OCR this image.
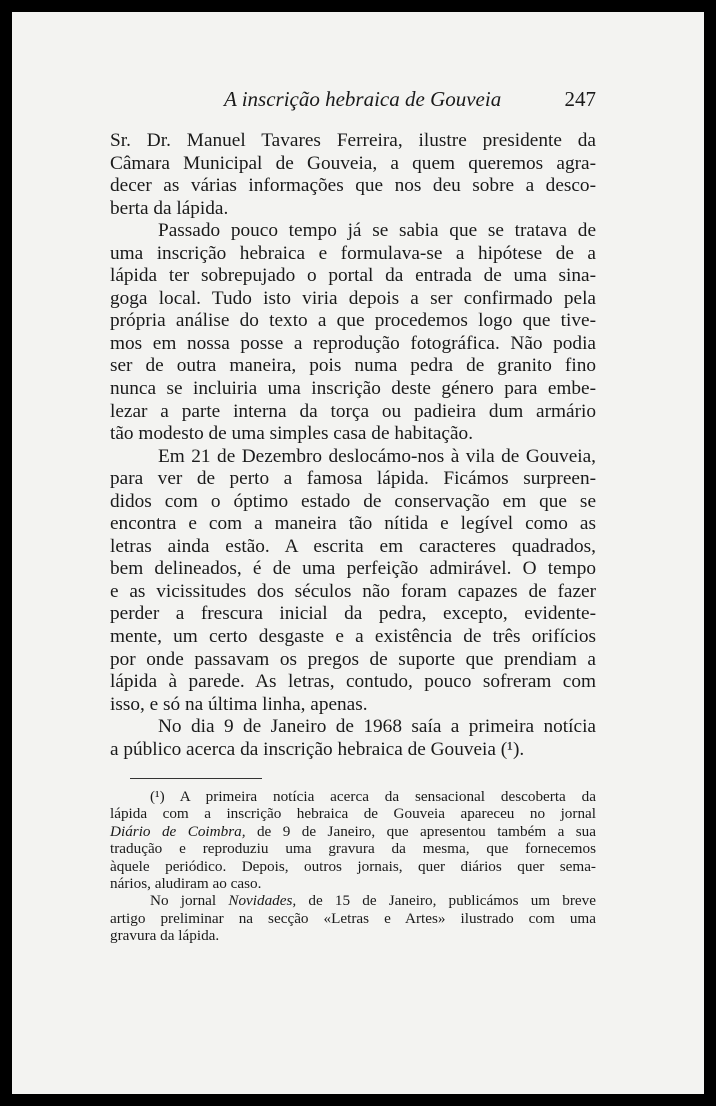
A inscrição hebraica de Gouveia	247

Sr. Dr. Manuel Tavares Ferreira, ilustre presidente da
Câmara Municipal de Gouveia, a quem queremos agra-
decer as várias informações que nos deu sobre a desco-
berta da lápida.

Passado pouco tempo já se sabia que se tratava de
uma inscrição hebraica e formulava-se a hipótese de a
lápida ter sobrepujado o portal da entrada de uma sina-
goga local. Tudo isto viria depois a ser confirmado pela
própria análise do texto a que procedemos logo que tive-
mos em nossa posse a reprodução fotográfica. Não podia
ser de outra maneira, pois numa pedra de granito fino
nunca se incluiria uma inscrição deste género para embe-
lezar a parte interna da torça ou padieira dum armário
tão modesto de uma simples casa de habitação.

Em 21 de Dezembro deslocámo-nos à vila de Gouveia,
para ver de perto a famosa lápida. Ficámos surpreen-
didos com o óptimo estado de conservação em que se
encontra e com a maneira tão nítida e legível como as
letras ainda estão. A escrita em caracteres quadrados,
bem delineados, é de uma perfeição admirável. O tempo
e as vicissitudes dos séculos não foram capazes de fazer
perder a frescura inicial da pedra, excepto, evidente-
mente, um certo desgaste e a existência de três orifícios
por onde passavam os pregos de suporte que prendiam a
lápida à parede. As letras, contudo, pouco sofreram com
isso, e só na última linha, apenas.

No dia 9 de Janeiro de 1968 saía a primeira notícia
a público acerca da inscrição hebraica de Gouveia (¹).

(¹) A primeira notícia acerca da sensacional descoberta da
lápida com a inscrição hebraica de Gouveia apareceu no jornal
Diário de Coimbra, de 9 de Janeiro, que apresentou também a sua
tradução e reproduziu uma gravura da mesma, que fornecemos
àquele periódico. Depois, outros jornais, quer diários quer sema-
nários, aludiram ao caso.
No jornal Novidades, de 15 de Janeiro, publicámos um breve
artigo preliminar na secção «Letras e Artes» ilustrado com uma
gravura da lápida.
